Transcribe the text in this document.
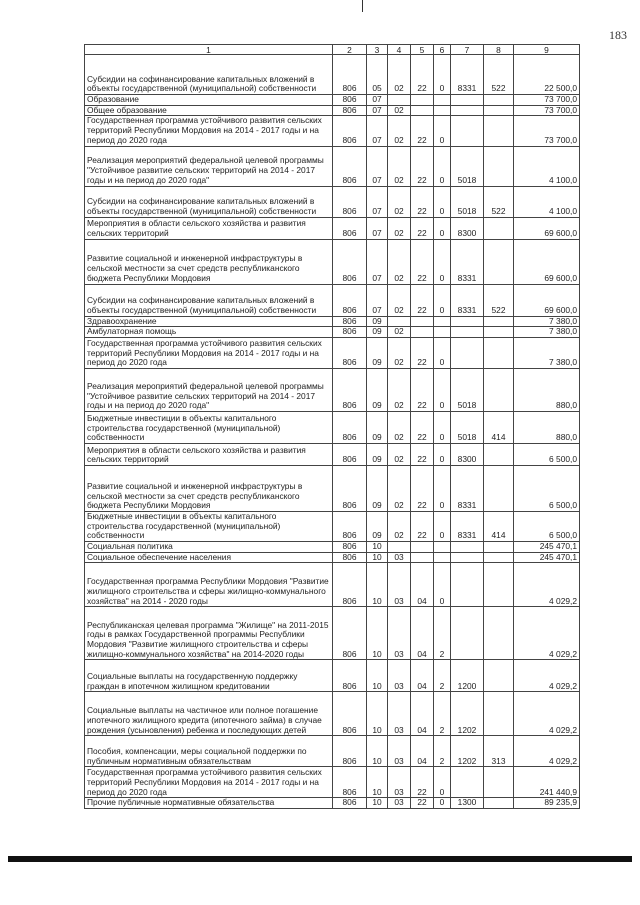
183
1	2	3	4	5	6	7	8	9
Субсидии на софинансирование капитальных вложений в объекты государственной (муниципальной) собственности	806	05	02	22	0	8331	522	22 500,0
Образование	806	07						73 700,0
Общее образование	806	07	02					73 700,0
Государственная программа устойчивого развития сельских территорий Республики Мордовия на 2014 - 2017 годы и на период до 2020 года	806	07	02	22	0			73 700,0
Реализация мероприятий федеральной целевой программы "Устойчивое развитие сельских территорий на 2014 - 2017 годы и на период до 2020 года"	806	07	02	22	0	5018		4 100,0
Субсидии на софинансирование капитальных вложений в объекты государственной (муниципальной) собственности	806	07	02	22	0	5018	522	4 100,0
Мероприятия в области сельского хозяйства и развития сельских территорий	806	07	02	22	0	8300		69 600,0
Развитие социальной и инженерной инфраструктуры в сельской местности за счет средств республиканского бюджета Республики Мордовия	806	07	02	22	0	8331		69 600,0
Субсидии на софинансирование капитальных вложений в объекты государственной (муниципальной) собственности	806	07	02	22	0	8331	522	69 600,0
Здравоохранение	806	09						7 380,0
Амбулаторная помощь	806	09	02					7 380,0
Государственная программа устойчивого развития сельских территорий Республики Мордовия на 2014 - 2017 годы и на период до 2020 года	806	09	02	22	0			7 380,0
Реализация мероприятий федеральной целевой программы "Устойчивое развитие сельских территорий на 2014 - 2017 годы и на период до 2020 года"	806	09	02	22	0	5018		880,0
Бюджетные инвестиции в объекты капитального строительства государственной (муниципальной) собственности	806	09	02	22	0	5018	414	880,0
Мероприятия в области сельского хозяйства и развития сельских территорий	806	09	02	22	0	8300		6 500,0
Развитие социальной и инженерной инфраструктуры в сельской местности за счет средств республиканского бюджета Республики Мордовия	806	09	02	22	0	8331		6 500,0
Бюджетные инвестиции в объекты капитального строительства государственной (муниципальной) собственности	806	09	02	22	0	8331	414	6 500,0
Социальная политика	806	10						245 470,1
Социальное обеспечение населения	806	10	03					245 470,1
Государственная программа Республики Мордовия "Развитие жилищного строительства и сферы жилищно-коммунального хозяйства" на 2014 - 2020 годы	806	10	03	04	0			4 029,2
Республиканская целевая программа "Жилище" на 2011-2015 годы в рамках Государственной программы Республики Мордовия "Развитие жилищного строительства и сферы жилищно-коммунального хозяйства" на 2014-2020 годы	806	10	03	04	2			4 029,2
Социальные выплаты на государственную поддержку граждан в ипотечном жилищном кредитовании	806	10	03	04	2	1200		4 029,2
Социальные выплаты на частичное или полное погашение ипотечного жилищного кредита (ипотечного займа) в случае рождения (усыновления) ребенка и последующих детей	806	10	03	04	2	1202		4 029,2
Пособия, компенсации, меры социальной поддержки по публичным нормативным обязательствам	806	10	03	04	2	1202	313	4 029,2
Государственная программа устойчивого развития сельских территорий Республики Мордовия на 2014 - 2017 годы и на период до 2020 года	806	10	03	22	0			241 440,9
Прочие публичные нормативные обязательства	806	10	03	22	0	1300		89 235,9
